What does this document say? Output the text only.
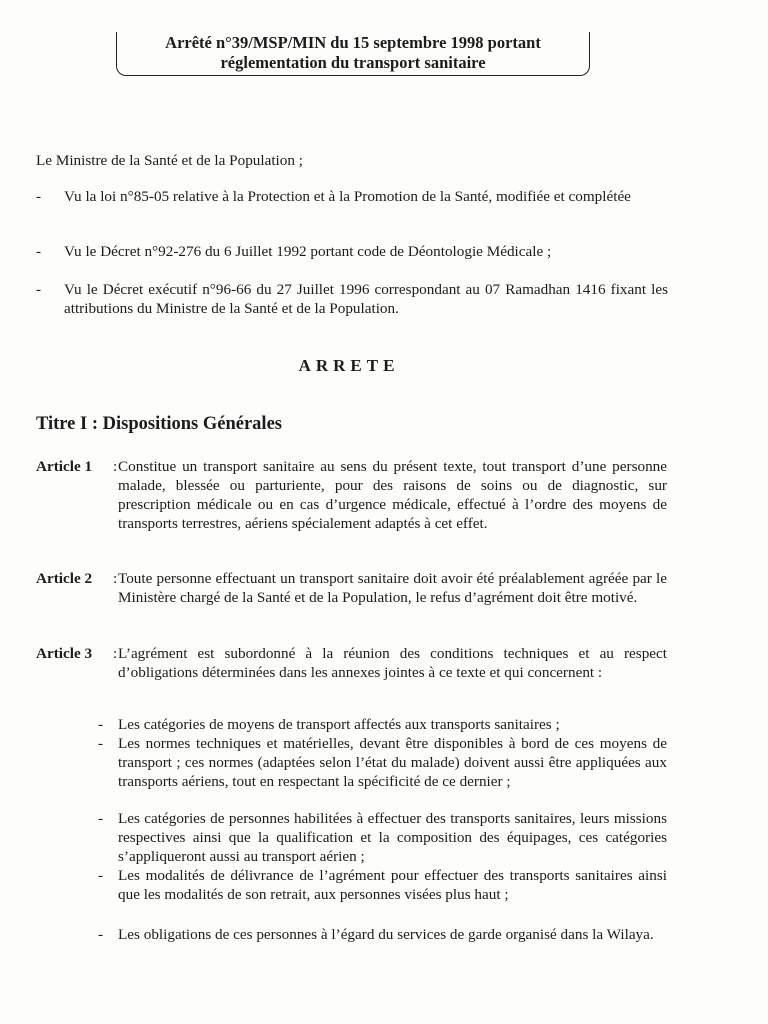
Arrêté n°39/MSP/MIN du 15 septembre 1998 portant
réglementation du transport sanitaire
Le Ministre de la Santé et de la Population ;
- Vu la loi n°85-05 relative à la Protection et à la Promotion de la Santé, modifiée et complétée
- Vu le Décret n°92-276 du 6 Juillet 1992 portant code de Déontologie Médicale ;
- Vu le Décret exécutif n°96-66 du 27 Juillet 1996 correspondant au 07 Ramadhan 1416 fixant les attributions du Ministre de la Santé et de la Population.
ARRETE
Titre I : Dispositions Générales
Article 1 : Constitue un transport sanitaire au sens du présent texte, tout transport d’une personne malade, blessée ou parturiente, pour des raisons de soins ou de diagnostic, sur prescription médicale ou en cas d’urgence médicale, effectué à l’ordre des moyens de transports terrestres, aériens spécialement adaptés à cet effet.
Article 2 : Toute personne effectuant un transport sanitaire doit avoir été préalablement agréée par le Ministère chargé de la Santé et de la Population, le refus d’agrément doit être motivé.
Article 3 : L’agrément est subordonné à la réunion des conditions techniques et au respect d’obligations déterminées dans les annexes jointes à ce texte et qui concernent :
- Les catégories de moyens de transport affectés aux transports sanitaires ;
- Les normes techniques et matérielles, devant être disponibles à bord de ces moyens de transport ; ces normes (adaptées selon l’état du malade) doivent aussi être appliquées aux transports aériens, tout en respectant la spécificité de ce dernier ;
- Les catégories de personnes habilitées à effectuer des transports sanitaires, leurs missions respectives ainsi que la qualification et la composition des équipages, ces catégories s’appliqueront aussi au transport aérien ;
- Les modalités de délivrance de l’agrément pour effectuer des transports sanitaires ainsi que les modalités de son retrait, aux personnes visées plus haut ;
- Les obligations de ces personnes à l’égard du services de garde organisé dans la Wilaya.
